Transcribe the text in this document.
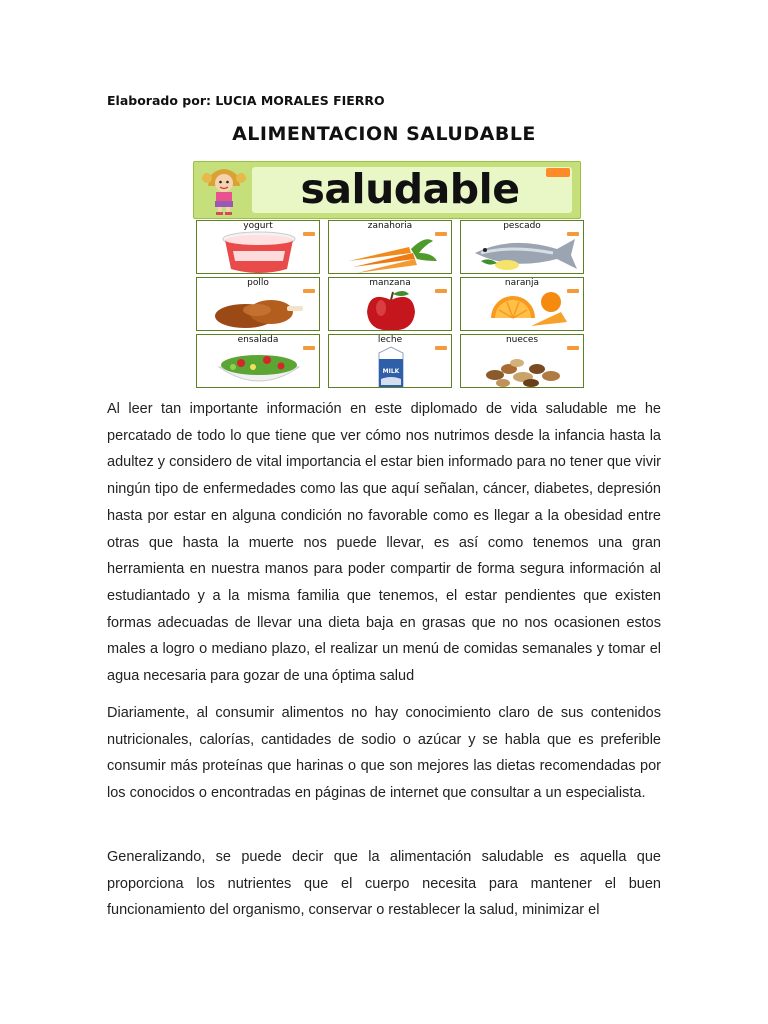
Elaborado por: LUCIA MORALES FIERRO
ALIMENTACION SALUDABLE
saludable
yogurt	zanahoria	pescado
pollo	manzana	naranja
ensalada	leche
MILK
nueces

Al leer tan importante información en este diplomado de vida saludable me he percatado de todo lo que tiene que ver cómo nos nutrimos desde la infancia hasta la adultez y considero de vital importancia el estar bien informado para no tener que vivir ningún tipo de enfermedades como las que aquí señalan, cáncer, diabetes, depresión hasta por estar en alguna condición no favorable como es llegar a la obesidad entre otras que hasta la muerte nos puede llevar, es así como tenemos una gran herramienta en nuestra manos para poder compartir de forma segura información al estudiantado y a la misma familia que tenemos, el estar pendientes que existen formas adecuadas de llevar una dieta baja en grasas que no nos ocasionen estos males a logro o mediano plazo, el realizar un menú de comidas semanales y tomar el agua necesaria para gozar de una óptima salud

Diariamente, al consumir alimentos no hay conocimiento claro de sus contenidos nutricionales, calorías, cantidades de sodio o azúcar y se habla que es preferible consumir más proteínas que harinas o que son mejores las dietas recomendadas por los conocidos o encontradas en páginas de internet que consultar a un especialista.

Generalizando, se puede decir que la alimentación saludable es aquella que proporciona los nutrientes que el cuerpo necesita para mantener el buen funcionamiento del organismo, conservar o restablecer la salud, minimizar el
